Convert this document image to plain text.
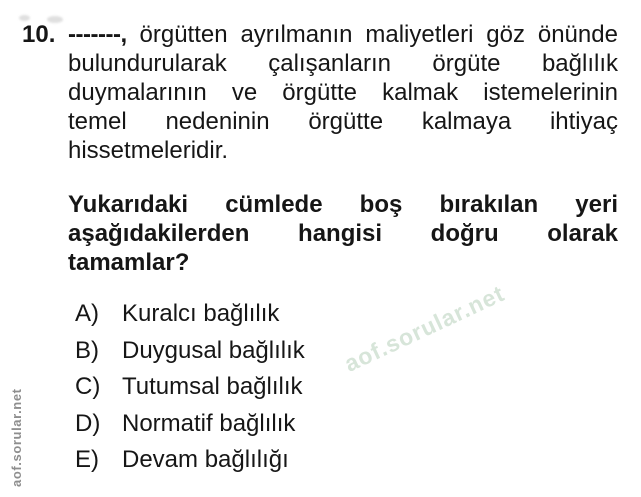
aof.sorular.net
aof.sorular.net
10. -------, örgütten ayrılmanın maliyetleri göz önünde
bulundurularak çalışanların örgüte bağlılık
duymalarının ve örgütte kalmak istemelerinin
temel nedeninin örgütte kalmaya ihtiyaç
hissetmeleridir.
Yukarıdaki cümlede boş bırakılan yeri
aşağıdakilerden hangisi doğru olarak
tamamlar?
A) Kuralcı bağlılık
B) Duygusal bağlılık
C) Tutumsal bağlılık
D) Normatif bağlılık
E) Devam bağlılığı
